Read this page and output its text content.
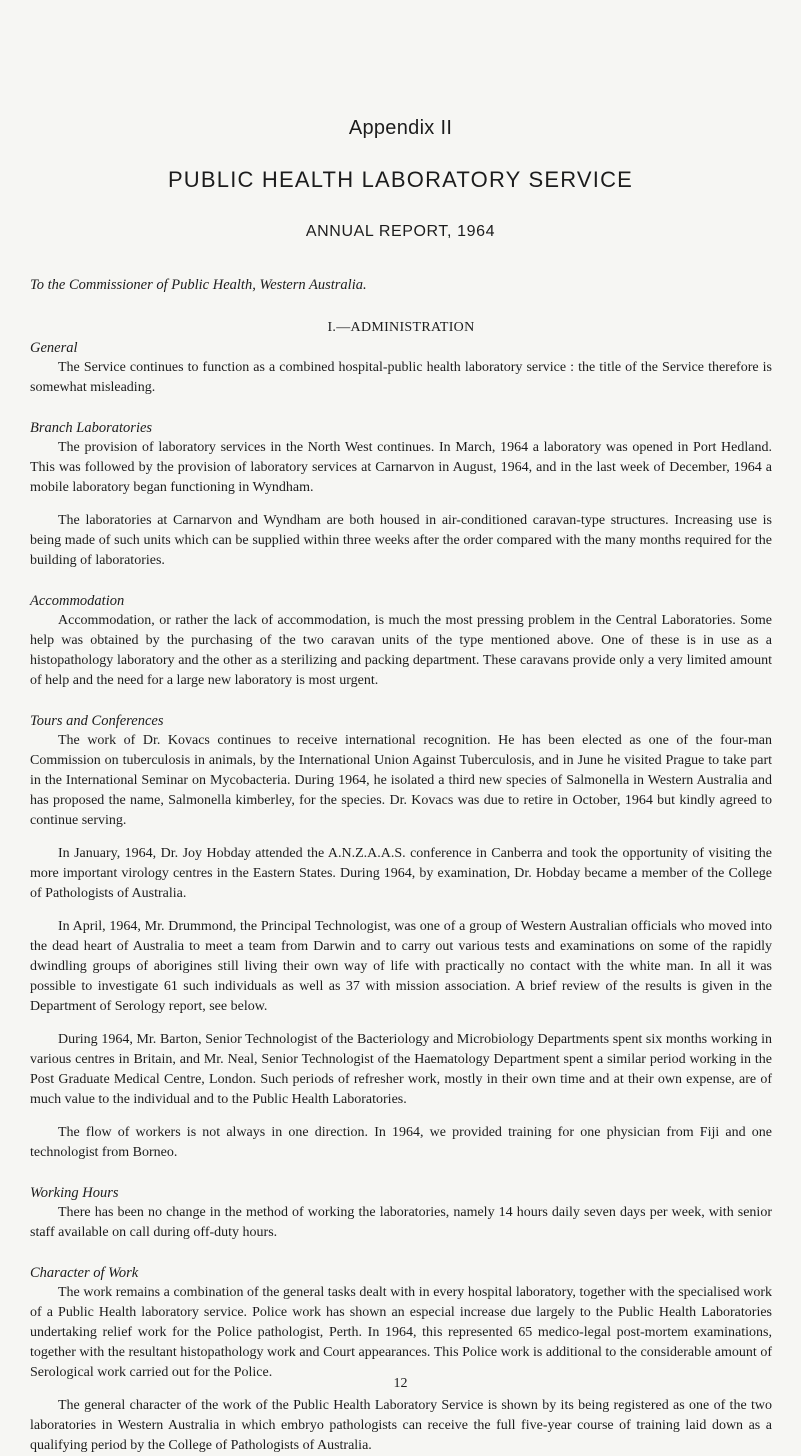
Appendix II
PUBLIC HEALTH LABORATORY SERVICE
ANNUAL REPORT, 1964
To the Commissioner of Public Health, Western Australia.
I.—ADMINISTRATION
General

The Service continues to function as a combined hospital-public health laboratory service : the title of the Service therefore is somewhat misleading.

Branch Laboratories

The provision of laboratory services in the North West continues. In March, 1964 a laboratory was opened in Port Hedland. This was followed by the provision of laboratory services at Carnarvon in August, 1964, and in the last week of December, 1964 a mobile laboratory began functioning in Wyndham.

The laboratories at Carnarvon and Wyndham are both housed in air-conditioned caravan-type structures. Increasing use is being made of such units which can be supplied within three weeks after the order compared with the many months required for the building of laboratories.

Accommodation

Accommodation, or rather the lack of accommodation, is much the most pressing problem in the Central Laboratories. Some help was obtained by the purchasing of the two caravan units of the type mentioned above. One of these is in use as a histopathology laboratory and the other as a sterilizing and packing department. These caravans provide only a very limited amount of help and the need for a large new laboratory is most urgent.

Tours and Conferences

The work of Dr. Kovacs continues to receive international recognition. He has been elected as one of the four-man Commission on tuberculosis in animals, by the International Union Against Tuberculosis, and in June he visited Prague to take part in the International Seminar on Mycobacteria. During 1964, he isolated a third new species of Salmonella in Western Australia and has proposed the name, Salmonella kimberley, for the species. Dr. Kovacs was due to retire in October, 1964 but kindly agreed to continue serving.

In January, 1964, Dr. Joy Hobday attended the A.N.Z.A.A.S. conference in Canberra and took the opportunity of visiting the more important virology centres in the Eastern States. During 1964, by examination, Dr. Hobday became a member of the College of Pathologists of Australia.

In April, 1964, Mr. Drummond, the Principal Technologist, was one of a group of Western Australian officials who moved into the dead heart of Australia to meet a team from Darwin and to carry out various tests and examinations on some of the rapidly dwindling groups of aborigines still living their own way of life with practically no contact with the white man. In all it was possible to investigate 61 such individuals as well as 37 with mission association. A brief review of the results is given in the Department of Serology report, see below.

During 1964, Mr. Barton, Senior Technologist of the Bacteriology and Microbiology Departments spent six months working in various centres in Britain, and Mr. Neal, Senior Technologist of the Haematology Department spent a similar period working in the Post Graduate Medical Centre, London. Such periods of refresher work, mostly in their own time and at their own expense, are of much value to the individual and to the Public Health Laboratories.

The flow of workers is not always in one direction. In 1964, we provided training for one physician from Fiji and one technologist from Borneo.

Working Hours

There has been no change in the method of working the laboratories, namely 14 hours daily seven days per week, with senior staff available on call during off-duty hours.

Character of Work

The work remains a combination of the general tasks dealt with in every hospital laboratory, together with the specialised work of a Public Health laboratory service. Police work has shown an especial increase due largely to the Public Health Laboratories undertaking relief work for the Police pathologist, Perth. In 1964, this represented 65 medico-legal post-mortem examinations, together with the resultant histopathology work and Court appearances. This Police work is additional to the considerable amount of Serological work carried out for the Police.

The general character of the work of the Public Health Laboratory Service is shown by its being registered as one of the two laboratories in Western Australia in which embryo pathologists can receive the full five-year course of training laid down as a qualifying period by the College of Pathologists of Australia.

12
